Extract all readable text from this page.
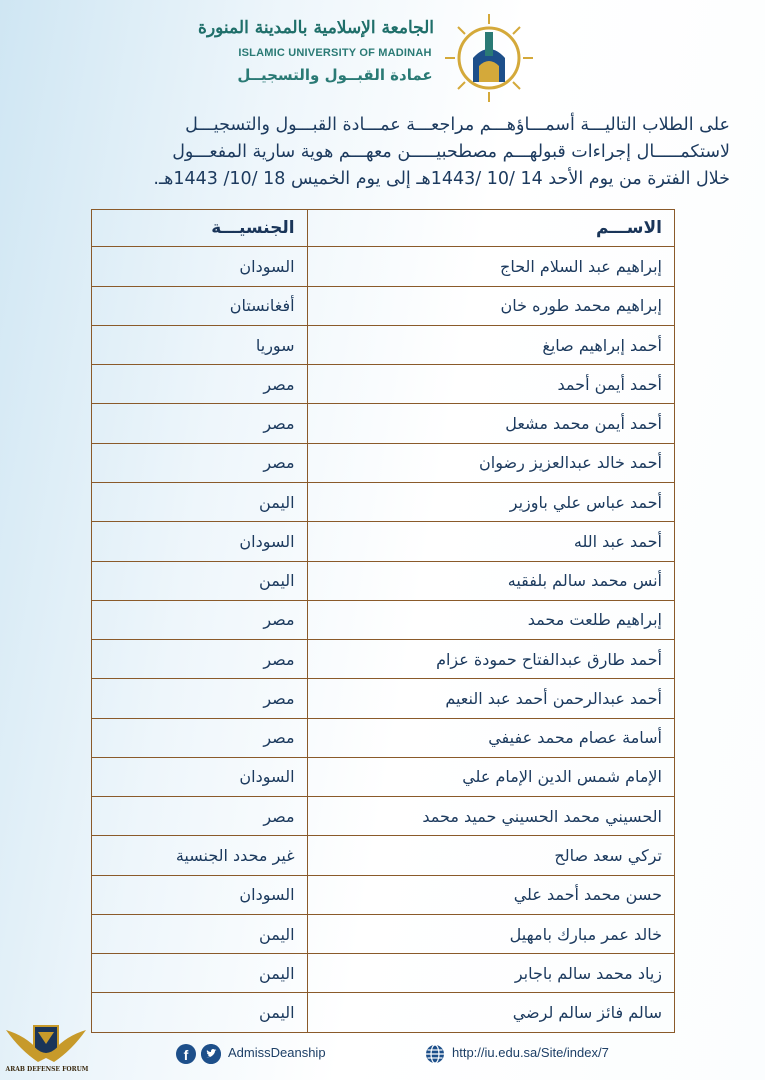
الجامعة الإسلامية بالمدينة المنورة
ISLAMIC UNIVERSITY OF MADINAH
عمادة القبــول والتسجيــل
على الطلاب التاليـــة أسمـــاؤهـــم مراجعـــة عمـــادة القبـــول والتسجيـــل
لاستكمـــــال إجراءات قبولهـــم مصطحبيـــــن معهـــم هوية سارية المفعـــول
خلال الفترة من يوم الأحد 14 /10 /1443هـ إلى يوم الخميس 18 /10/ 1443هـ.
الاســـم	الجنسيـــة
إبراهيم عبد السلام الحاج	السودان
إبراهيم محمد طوره خان	أفغانستان
أحمد إبراهيم صايغ	سوريا
أحمد أيمن أحمد	مصر
أحمد أيمن محمد مشعل	مصر
أحمد خالد عبدالعزيز رضوان	مصر
أحمد عباس علي باوزير	اليمن
أحمد عبد الله	السودان
أنس محمد سالم بلفقيه	اليمن
إبراهيم طلعت محمد	مصر
أحمد طارق عبدالفتاح حمودة عزام	مصر
أحمد عبدالرحمن أحمد عبد النعيم	مصر
أسامة عصام محمد عفيفي	مصر
الإمام شمس الدين الإمام علي	السودان
الحسيني محمد الحسيني حميد محمد	مصر
تركي سعد صالح	غير محدد الجنسية
حسن محمد أحمد علي	السودان
خالد عمر مبارك بامهيل	اليمن
زياد محمد سالم باجابر	اليمن
سالم فائز سالم لرضي	اليمن
f	AdmissDeanship	http://iu.edu.sa/Site/index/7
ARAB DEFENSE FORUM
